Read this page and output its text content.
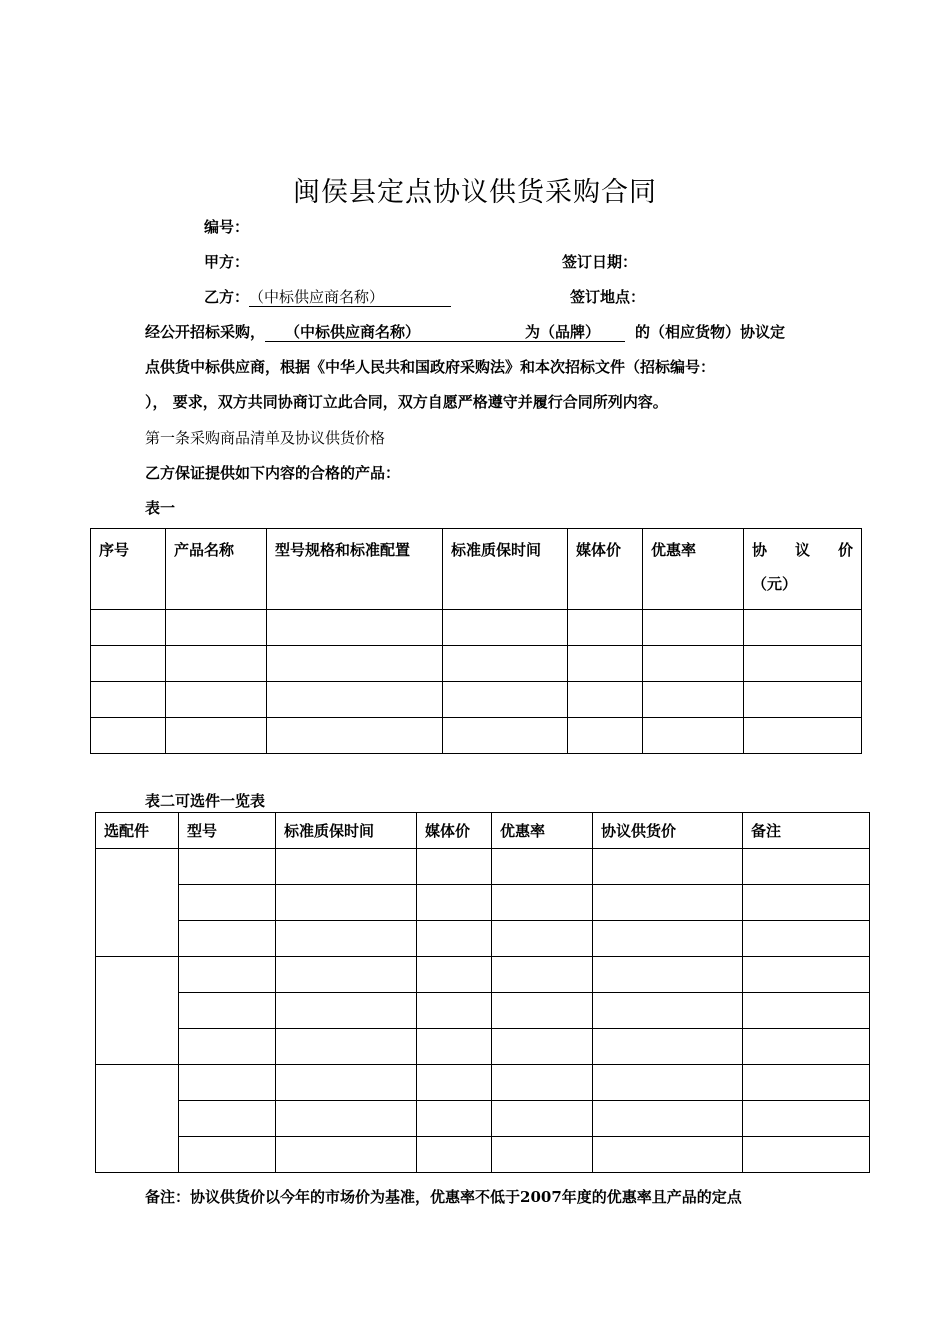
闽侯县定点协议供货采购合同
编号：
甲方：	签订日期：
乙方：（中标供应商名称）	签订地点：
经公开招标采购， （中标供应商名称）	为（品牌） 的（相应货物）协议定
点供货中标供应商，根据《中华人民共和国政府采购法》和本次招标文件（招标编号：
）， 要求，双方共同协商订立此合同，双方自愿严格遵守并履行合同所列内容。
第一条采购商品清单及协议供货价格
乙方保证提供如下内容的合格的产品：
表一
序号	产品名称	型号规格和标准配置	标准质保时间	媒体价	优惠率	协 议 价
（元）

表二可选件一览表
选配件	型号	标准质保时间	媒体价	优惠率	协议供货价	备注

备注：协议供货价以今年的市场价为基准，优惠率不低于2007年度的优惠率且产品的定点
